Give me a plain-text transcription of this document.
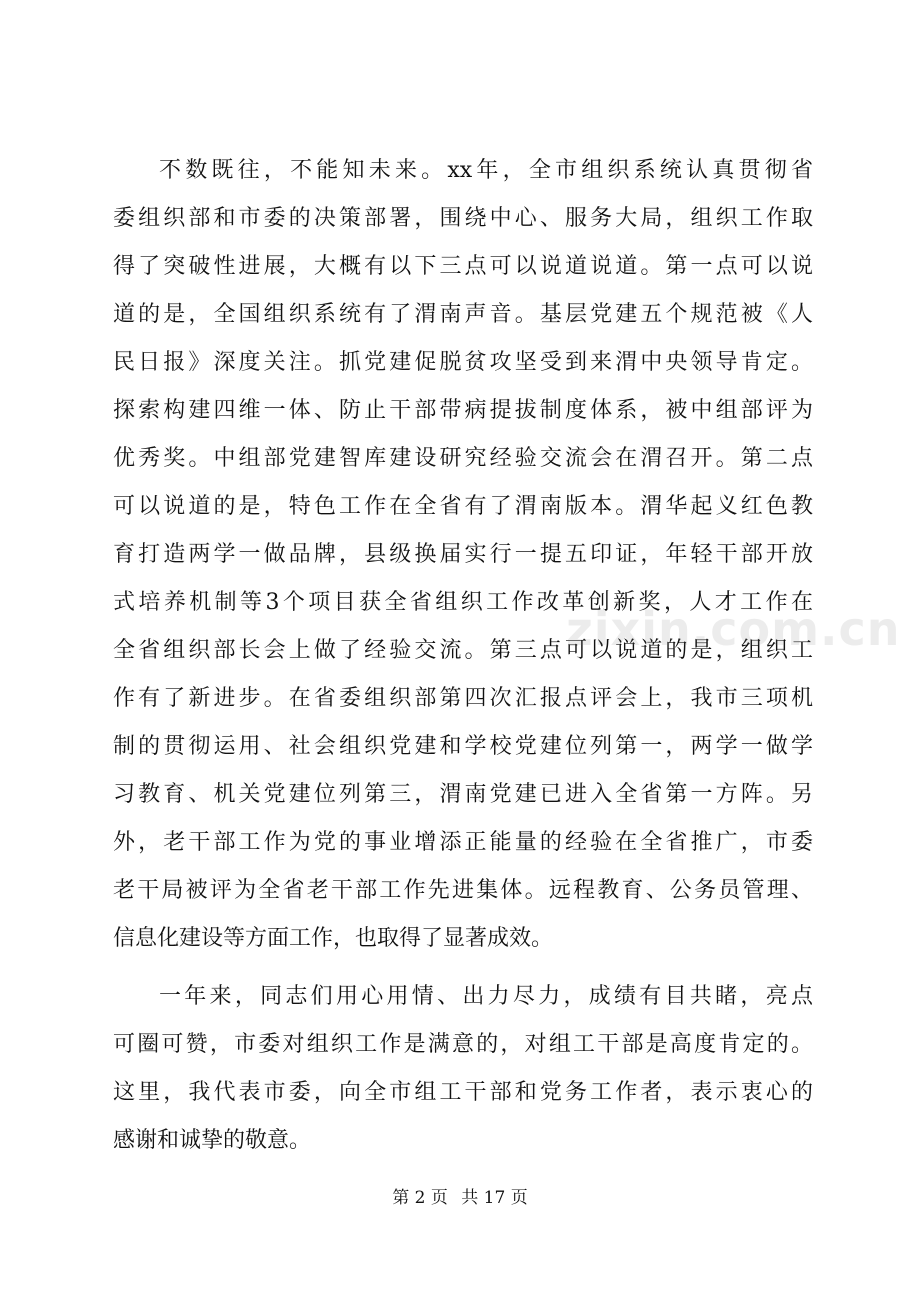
不数既往，不能知未来。xx年，全市组织系统认真贯彻省
委组织部和市委的决策部署，围绕中心、服务大局，组织工作取
得了突破性进展，大概有以下三点可以说道说道。第一点可以说
道的是，全国组织系统有了渭南声音。基层党建五个规范被《人
民日报》深度关注。抓党建促脱贫攻坚受到来渭中央领导肯定。
探索构建四维一体、防止干部带病提拔制度体系，被中组部评为
优秀奖。中组部党建智库建设研究经验交流会在渭召开。第二点
可以说道的是，特色工作在全省有了渭南版本。渭华起义红色教
育打造两学一做品牌，县级换届实行一提五印证，年轻干部开放
式培养机制等3个项目获全省组织工作改革创新奖，人才工作在
全省组织部长会上做了经验交流。第三点可以说道的是，组织工
作有了新进步。在省委组织部第四次汇报点评会上，我市三项机
制的贯彻运用、社会组织党建和学校党建位列第一，两学一做学
习教育、机关党建位列第三，渭南党建已进入全省第一方阵。另
外，老干部工作为党的事业增添正能量的经验在全省推广，市委
老干局被评为全省老干部工作先进集体。远程教育、公务员管理、
信息化建设等方面工作，也取得了显著成效。
一年来，同志们用心用情、出力尽力，成绩有目共睹，亮点
可圈可赞，市委对组织工作是满意的，对组工干部是高度肯定的。
这里，我代表市委，向全市组工干部和党务工作者，表示衷心的
感谢和诚挚的敬意。
zixin.com.cn
第 2 页 共 17 页
